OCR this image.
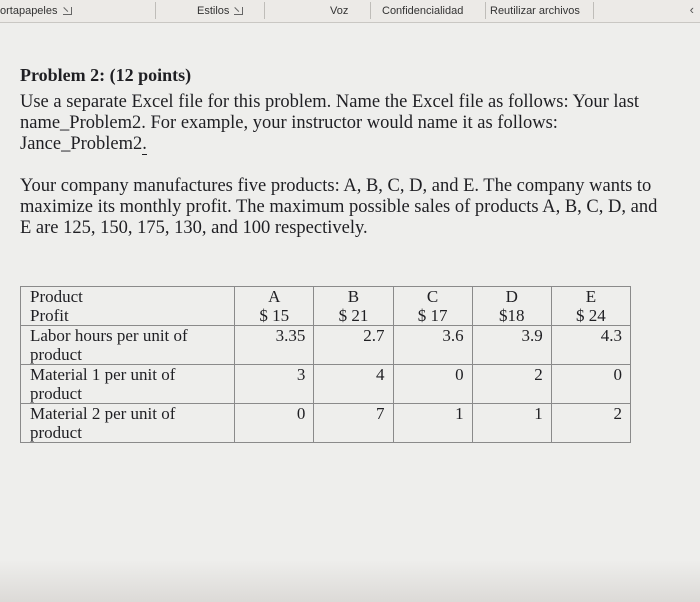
ortapapeles	Estilos	Voz	Confidencialidad Reutilizar archivos	‹

Problem 2: (12 points)

Use a separate Excel file for this problem. Name the Excel file as follows: Your last name_Problem2. For example, your instructor would name it as follows: Jance_Problem2.

Your company manufactures five products: A, B, C, D, and E. The company wants to maximize its monthly profit. The maximum possible sales of products A, B, C, D, and E are 125, 150, 175, 130, and 100 respectively.

Product	A	B	C	D	E
Profit	$ 15	$ 21	$ 17	$18	$ 24
Labor hours per unit of product	3.35	2.7	3.6	3.9	4.3
Material 1 per unit of product	3	4	0	2	0
Material 2 per unit of product	0	7	1	1	2
